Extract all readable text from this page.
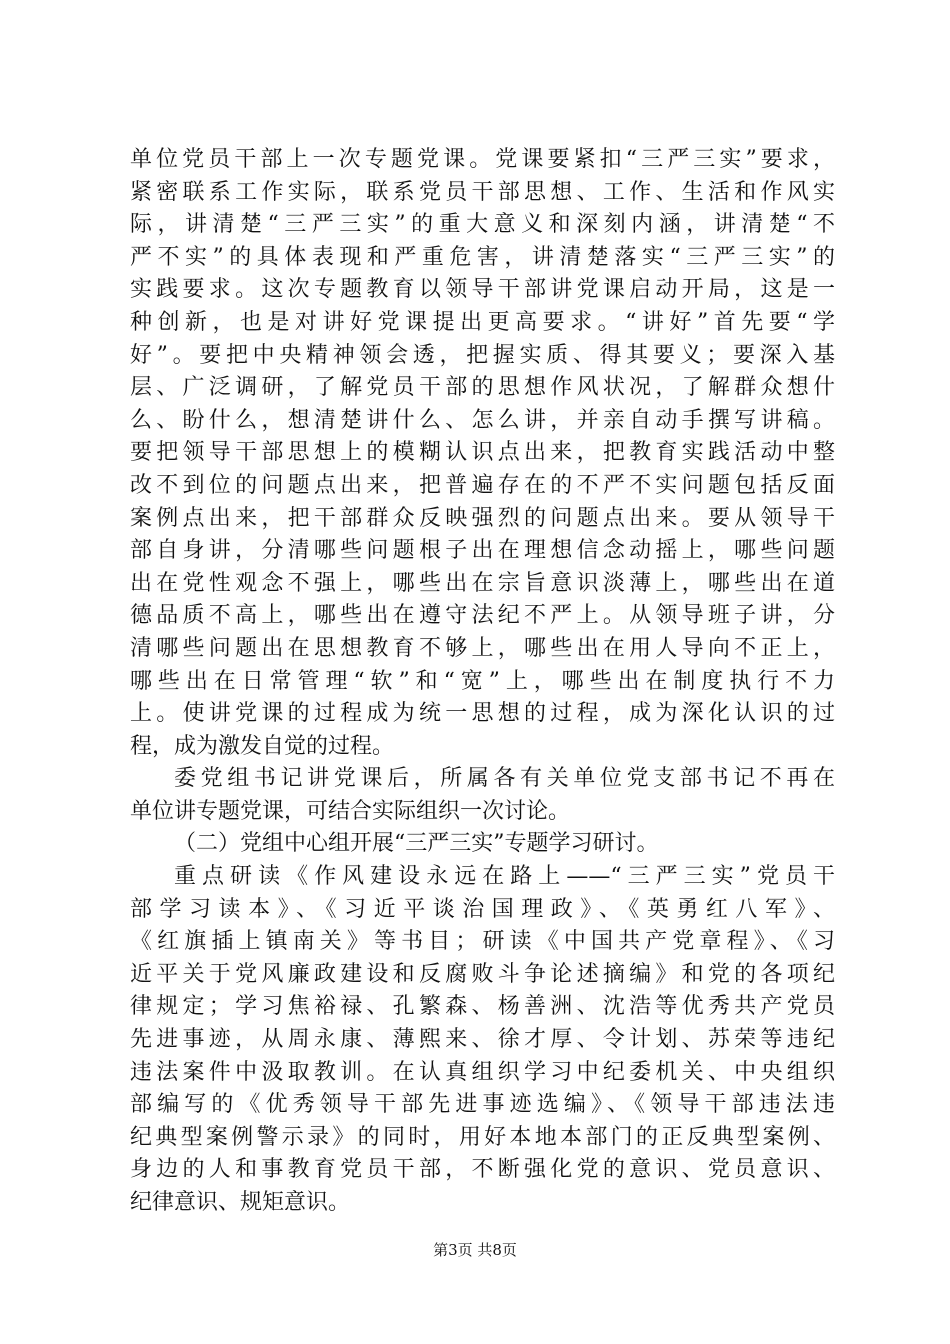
单位党员干部上一次专题党课。党课要紧扣“三严三实”要求，
紧密联系工作实际，联系党员干部思想、工作、生活和作风实
际，讲清楚“三严三实”的重大意义和深刻内涵，讲清楚“不
严不实”的具体表现和严重危害，讲清楚落实“三严三实”的
实践要求。这次专题教育以领导干部讲党课启动开局，这是一
种创新，也是对讲好党课提出更高要求。“讲好”首先要“学
好”。要把中央精神领会透，把握实质、得其要义；要深入基
层、广泛调研，了解党员干部的思想作风状况，了解群众想什
么、盼什么，想清楚讲什么、怎么讲，并亲自动手撰写讲稿。
要把领导干部思想上的模糊认识点出来，把教育实践活动中整
改不到位的问题点出来，把普遍存在的不严不实问题包括反面
案例点出来，把干部群众反映强烈的问题点出来。要从领导干
部自身讲，分清哪些问题根子出在理想信念动摇上，哪些问题
出在党性观念不强上，哪些出在宗旨意识淡薄上，哪些出在道
德品质不高上，哪些出在遵守法纪不严上。从领导班子讲，分
清哪些问题出在思想教育不够上，哪些出在用人导向不正上，
哪些出在日常管理“软”和“宽”上，哪些出在制度执行不力
上。使讲党课的过程成为统一思想的过程，成为深化认识的过
程，成为激发自觉的过程。
委党组书记讲党课后，所属各有关单位党支部书记不再在
单位讲专题党课，可结合实际组织一次讨论。
（二）党组中心组开展“三严三实”专题学习研讨。
重点研读《作风建设永远在路上——“三严三实”党员干
部学习读本》、《习近平谈治国理政》、《英勇红八军》、
《红旗插上镇南关》等书目；研读《中国共产党章程》、《习
近平关于党风廉政建设和反腐败斗争论述摘编》和党的各项纪
律规定；学习焦裕禄、孔繁森、杨善洲、沈浩等优秀共产党员
先进事迹，从周永康、薄熙来、徐才厚、令计划、苏荣等违纪
违法案件中汲取教训。在认真组织学习中纪委机关、中央组织
部编写的《优秀领导干部先进事迹选编》、《领导干部违法违
纪典型案例警示录》的同时，用好本地本部门的正反典型案例、
身边的人和事教育党员干部，不断强化党的意识、党员意识、
纪律意识、规矩意识。
第3页 共8页
